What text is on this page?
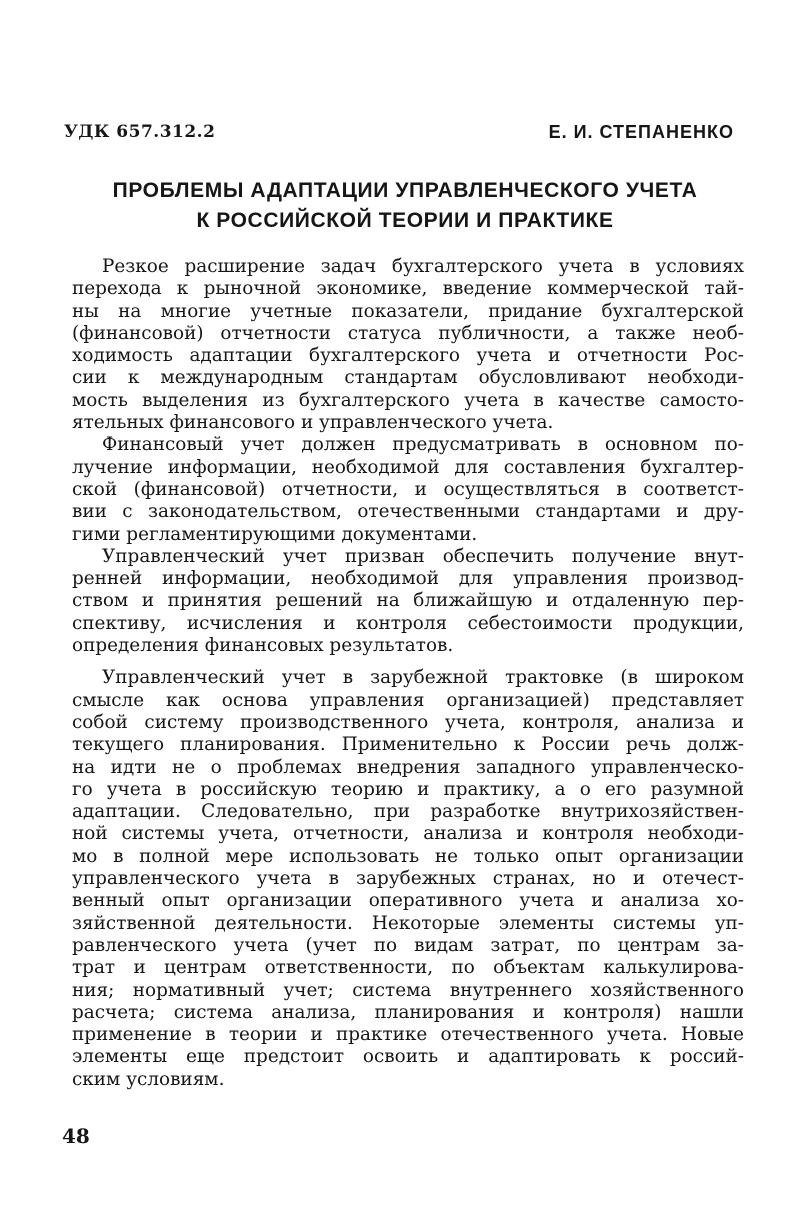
УДК 657.312.2	Е. И. СТЕПАНЕНКО
ПРОБЛЕМЫ АДАПТАЦИИ УПРАВЛЕНЧЕСКОГО УЧЕТА
К РОССИЙСКОЙ ТЕОРИИ И ПРАКТИКЕ
Резкое расширение задач бухгалтерского учета в условиях
перехода к рыночной экономике, введение коммерческой тай-
ны на многие учетные показатели, придание бухгалтерской
(финансовой) отчетности статуса публичности, а также необ-
ходимость адаптации бухгалтерского учета и отчетности Рос-
сии к международным стандартам обусловливают необходи-
мость выделения из бухгалтерского учета в качестве самосто-
ятельных финансового и управленческого учета.
Финансовый учет должен предусматривать в основном по-
лучение информации, необходимой для составления бухгалтер-
ской (финансовой) отчетности, и осуществляться в соответст-
вии с законодательством, отечественными стандартами и дру-
гими регламентирующими документами.
Управленческий учет призван обеспечить получение внут-
ренней информации, необходимой для управления производ-
ством и принятия решений на ближайшую и отдаленную пер-
спективу, исчисления и контроля себестоимости продукции,
определения финансовых результатов.
Управленческий учет в зарубежной трактовке (в широком
смысле как основа управления организацией) представляет
собой систему производственного учета, контроля, анализа и
текущего планирования. Применительно к России речь долж-
на идти не о проблемах внедрения западного управленческо-
го учета в российскую теорию и практику, а о его разумной
адаптации. Следовательно, при разработке внутрихозяйствен-
ной системы учета, отчетности, анализа и контроля необходи-
мо в полной мере использовать не только опыт организации
управленческого учета в зарубежных странах, но и отечест-
венный опыт организации оперативного учета и анализа хо-
зяйственной деятельности. Некоторые элементы системы уп-
равленческого учета (учет по видам затрат, по центрам за-
трат и центрам ответственности, по объектам калькулирова-
ния; нормативный учет; система внутреннего хозяйственного
расчета; система анализа, планирования и контроля) нашли
применение в теории и практике отечественного учета. Новые
элементы еще предстоит освоить и адаптировать к россий-
ским условиям.
48
